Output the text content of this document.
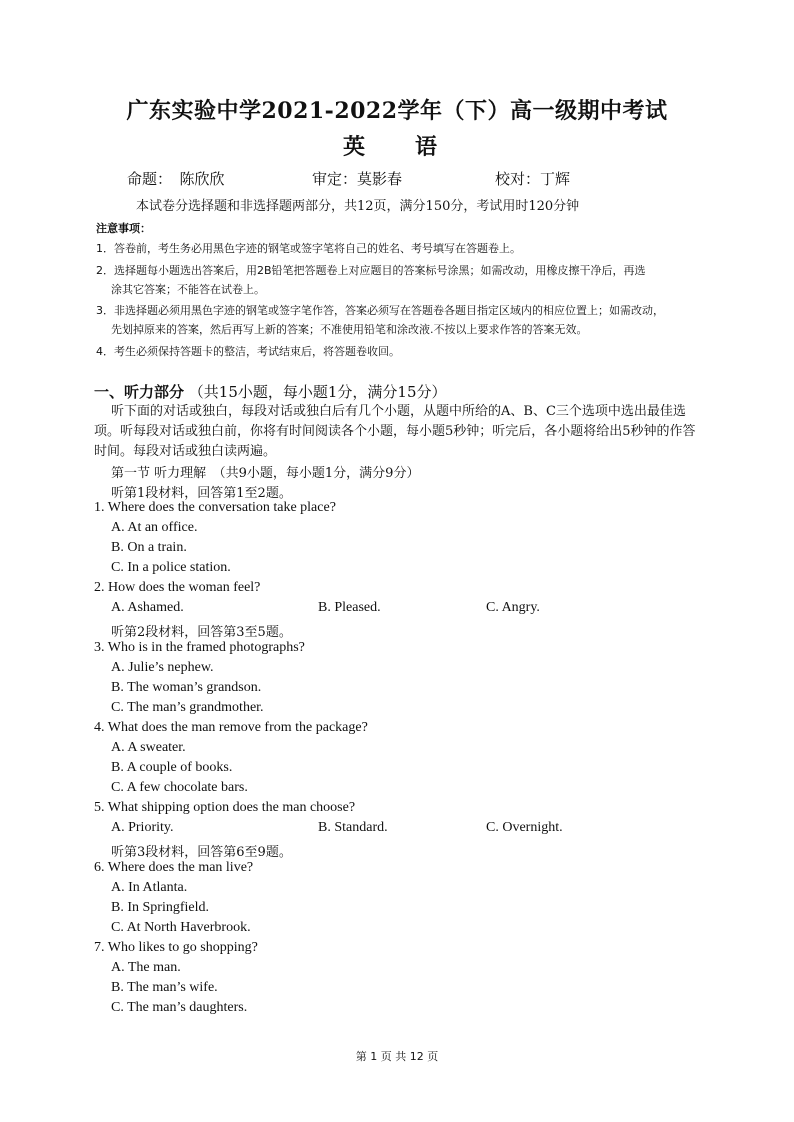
广东实验中学2021-2022学年（下）高一级期中考试
英　语
命题：　陈欣欣	审定：莫影春	校对：丁辉
本试卷分选择题和非选择题两部分，共12页，满分150分，考试用时120分钟
注意事项：
1．答卷前，考生务必用黑色字迹的钢笔或签字笔将自己的姓名、考号填写在答题卷上。
2．选择题每小题选出答案后，用2B铅笔把答题卷上对应题目的答案标号涂黑；如需改动，用橡皮擦干净后，再选
涂其它答案；不能答在试卷上。
3．非选择题必须用黑色字迹的钢笔或签字笔作答，答案必须写在答题卷各题目指定区域内的相应位置上；如需改动，
先划掉原来的答案，然后再写上新的答案；不准使用铅笔和涂改液.不按以上要求作答的答案无效。
4．考生必须保持答题卡的整洁，考试结束后，将答题卷收回。
一、听力部分 （共15小题，每小题1分，满分15分）

听下面的对话或独白，每段对话或独白后有几个小题，从题中所给的A、B、C三个选项中选出最佳选项。听每段对话或独白前，你将有时间阅读各个小题，每小题5秒钟；听完后，各小题将给出5秒钟的作答时间。每段对话或独白读两遍。

第一节 听力理解　（共9小题，每小题1分，满分9分）
听第1段材料，回答第1至2题。
1. Where does the conversation take place?
A. At an office.
B. On a train.
C. In a police station.
2. How does the woman feel?
A. Ashamed.	B. Pleased.	C. Angry.
听第2段材料，回答第3至5题。
3. Who is in the framed photographs?
A. Julie’s nephew.
B. The woman’s grandson.
C. The man’s grandmother.
4. What does the man remove from the package?
A. A sweater.
B. A couple of books.
C. A few chocolate bars.
5. What shipping option does the man choose?
A. Priority.	B. Standard.	C. Overnight.
听第3段材料，回答第6至9题。
6. Where does the man live?
A. In Atlanta.
B. In Springfield.
C. At North Haverbrook.
7. Who likes to go shopping?
A. The man.
B. The man’s wife.
C. The man’s daughters.
第 1 页 共 12 页
